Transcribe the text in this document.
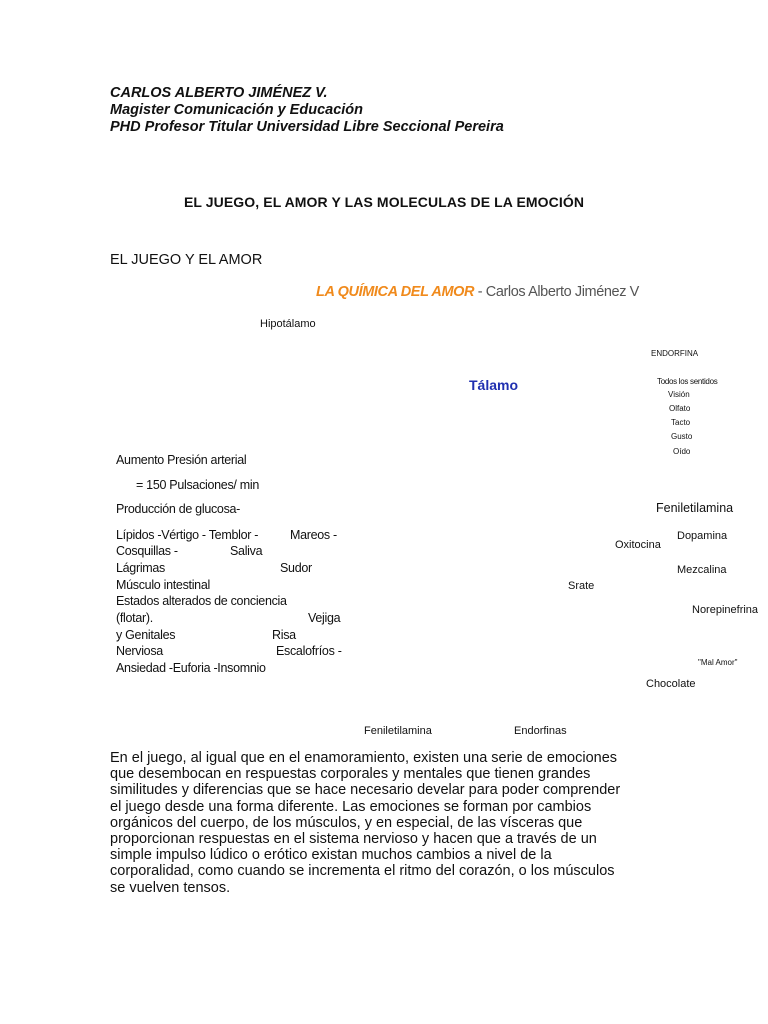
CARLOS ALBERTO JIMÉNEZ V.
Magister Comunicación y Educación
PHD Profesor Titular Universidad Libre Seccional Pereira
EL JUEGO, EL AMOR Y LAS MOLECULAS DE LA EMOCIÓN
EL JUEGO Y EL AMOR
LA QUÍMICA DEL AMOR - Carlos Alberto Jiménez V
Hipotálamo
Tálamo
ENDORFINA
Todos los sentidos
Visión
Olfato
Tacto
Gusto
Oído
Aumento Presión arterial
= 150 Pulsaciones/ min
Producción de glucosa-
Lípidos -Vértigo - Temblor -	Mareos -
Cosquillas -	Saliva
Lágrimas	Sudor
Músculo intestinal
Estados alterados de conciencia
(flotar).	Vejiga
y Genitales	Risa
Nerviosa	Escalofríos -
Ansiedad -Euforia -Insomnio
Feniletilamina
Dopamina
Oxitocina
Mezcalina
Srate
Norepinefrina
"Mal Amor"
Chocolate
Feniletilamina	Endorfinas
En el juego, al igual que en el enamoramiento, existen una serie de emociones
que desembocan en respuestas corporales y mentales que tienen grandes
similitudes y diferencias que se hace necesario develar para poder comprender
el juego desde una forma diferente. Las emociones se forman por cambios
orgánicos del cuerpo, de los músculos, y en especial, de las vísceras que
proporcionan respuestas en el sistema nervioso y hacen que a través de un
simple impulso lúdico o erótico existan muchos cambios a nivel de la
corporalidad, como cuando se incrementa el ritmo del corazón, o los músculos
se vuelven tensos.
